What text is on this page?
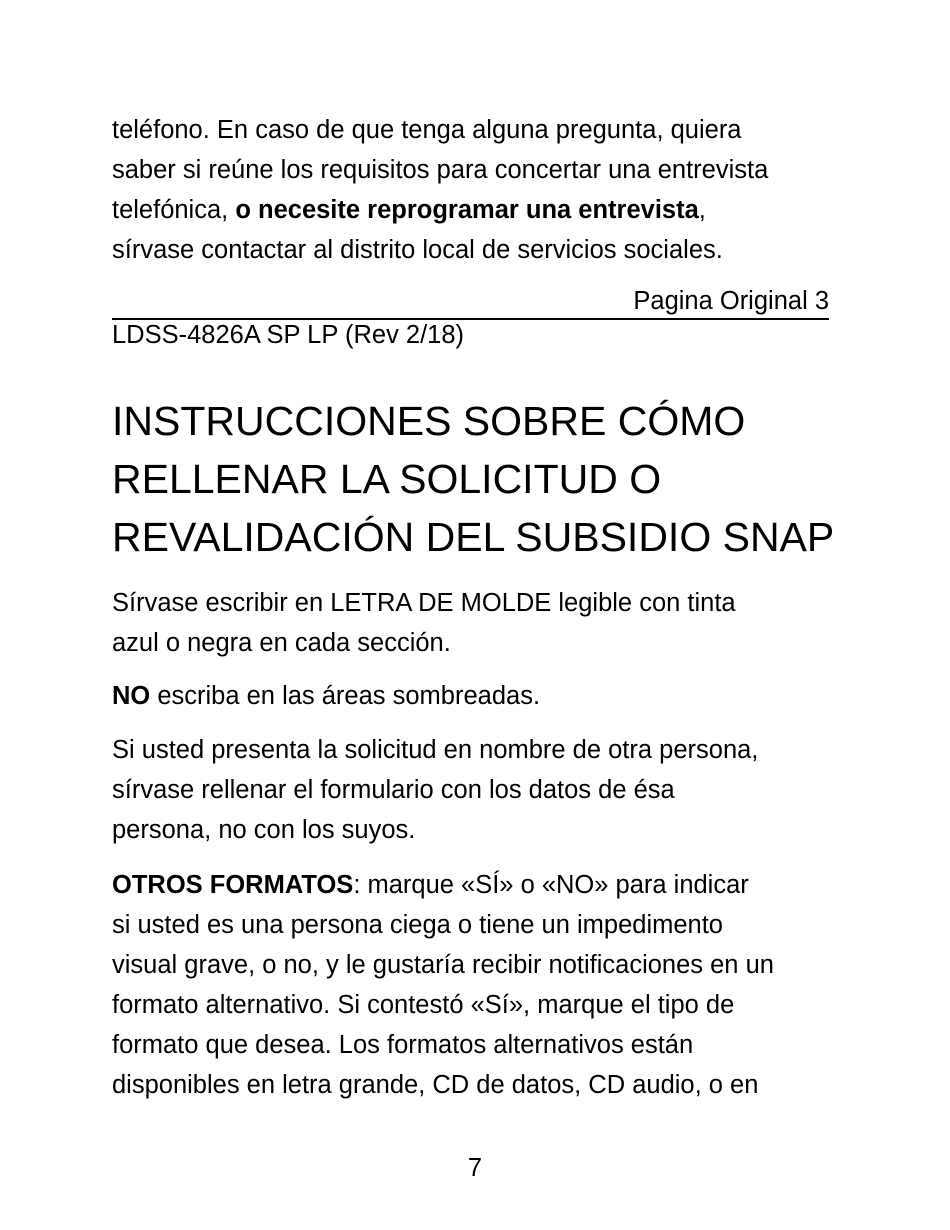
teléfono. En caso de que tenga alguna pregunta, quiera
saber si reúne los requisitos para concertar una entrevista
telefónica, o necesite reprogramar una entrevista,
sírvase contactar al distrito local de servicios sociales.
Pagina Original 3
LDSS-4826A SP LP (Rev 2/18)
INSTRUCCIONES SOBRE CÓMO
RELLENAR LA SOLICITUD O
REVALIDACIÓN DEL SUBSIDIO SNAP
Sírvase escribir en LETRA DE MOLDE legible con tinta
azul o negra en cada sección.
NO escriba en las áreas sombreadas.
Si usted presenta la solicitud en nombre de otra persona,
sírvase rellenar el formulario con los datos de ésa
persona, no con los suyos.
OTROS FORMATOS: marque «SÍ» o «NO» para indicar
si usted es una persona ciega o tiene un impedimento
visual grave, o no, y le gustaría recibir notificaciones en un
formato alternativo. Si contestó «Sí», marque el tipo de
formato que desea. Los formatos alternativos están
disponibles en letra grande, CD de datos, CD audio, o en
7
